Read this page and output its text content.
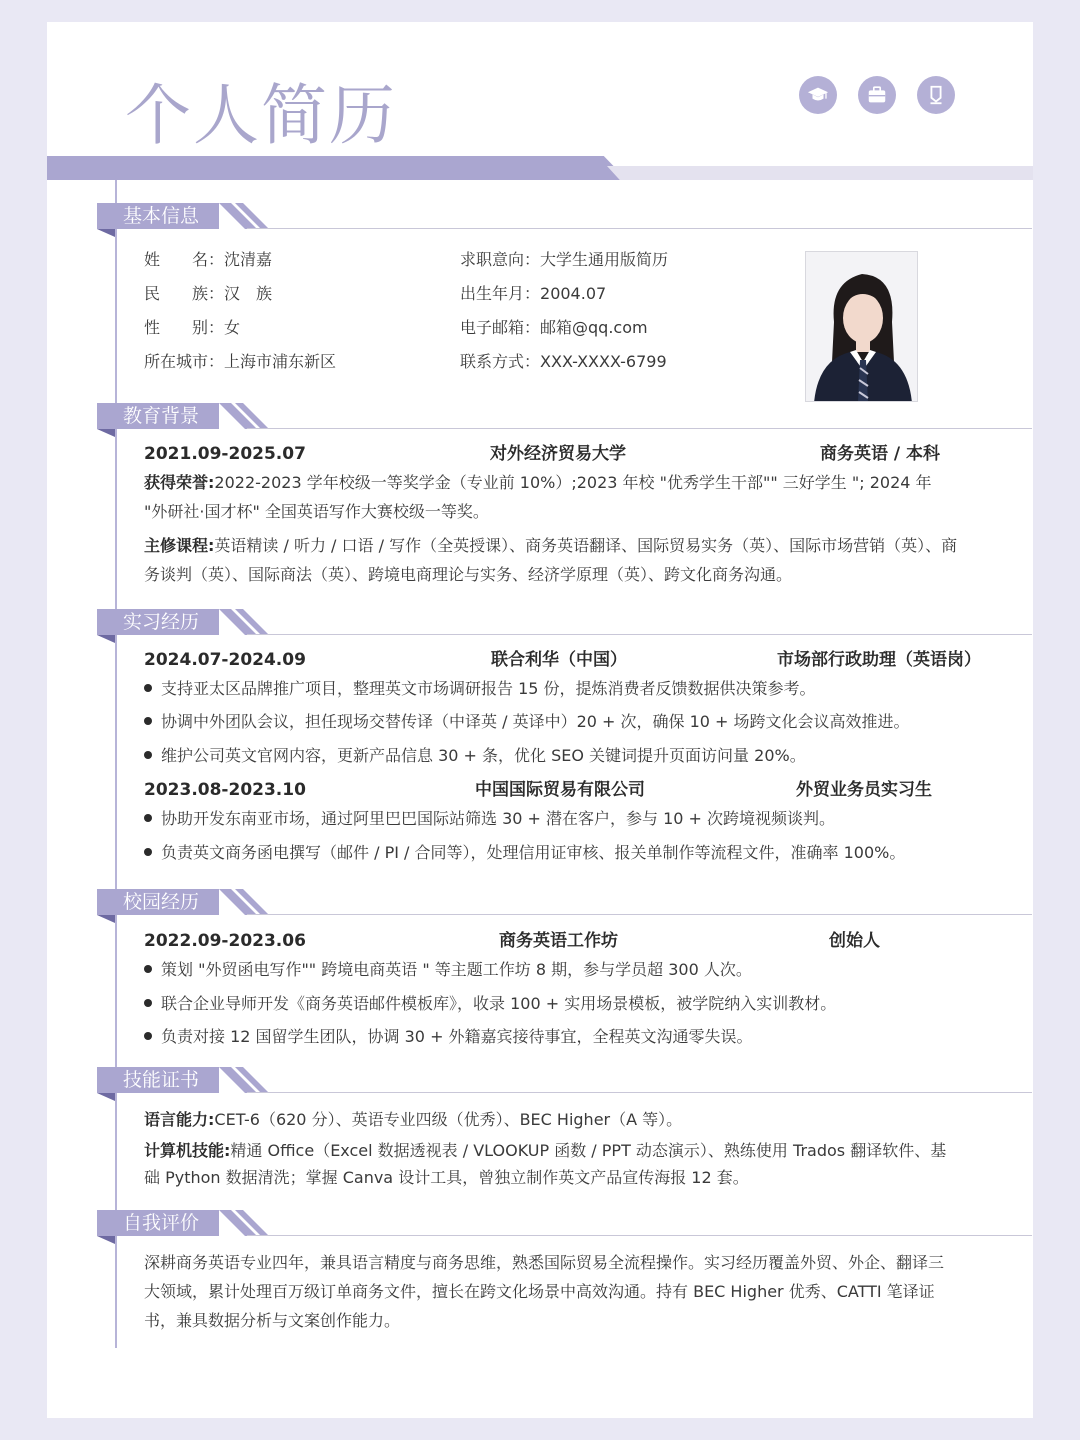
个人简历
基本信息
姓　　名：沈清嘉
民　　族：汉　族
性　　别：女
所在城市：上海市浦东新区
求职意向：大学生通用版简历
出生年月：2004.07
电子邮箱：邮箱@qq.com
联系方式：XXX-XXXX-6799
教育背景
2021.09-2025.07	对外经济贸易大学	商务英语 / 本科
获得荣誉:2022-2023 学年校级一等奖学金（专业前 10%）;2023 年校 "优秀学生干部"" 三好学生 "; 2024 年 "外研社·国才杯" 全国英语写作大赛校级一等奖。
主修课程:英语精读 / 听力 / 口语 / 写作（全英授课）、商务英语翻译、国际贸易实务（英）、国际市场营销（英）、商务谈判（英）、国际商法（英）、跨境电商理论与实务、经济学原理（英）、跨文化商务沟通。
实习经历
2024.07-2024.09	联合利华（中国）	市场部行政助理（英语岗）
支持亚太区品牌推广项目，整理英文市场调研报告 15 份，提炼消费者反馈数据供决策参考。
协调中外团队会议，担任现场交替传译（中译英 / 英译中）20 + 次，确保 10 + 场跨文化会议高效推进。
维护公司英文官网内容，更新产品信息 30 + 条，优化 SEO 关键词提升页面访问量 20%。
2023.08-2023.10	中国国际贸易有限公司	外贸业务员实习生
协助开发东南亚市场，通过阿里巴巴国际站筛选 30 + 潜在客户，参与 10 + 次跨境视频谈判。
负责英文商务函电撰写（邮件 / PI / 合同等），处理信用证审核、报关单制作等流程文件，准确率 100%。
校园经历
2022.09-2023.06	商务英语工作坊	创始人
策划 "外贸函电写作"" 跨境电商英语 " 等主题工作坊 8 期，参与学员超 300 人次。
联合企业导师开发《商务英语邮件模板库》，收录 100 + 实用场景模板，被学院纳入实训教材。
负责对接 12 国留学生团队，协调 30 + 外籍嘉宾接待事宜，全程英文沟通零失误。
技能证书
语言能力:CET-6（620 分）、英语专业四级（优秀）、BEC Higher（A 等）。
计算机技能:精通 Office（Excel 数据透视表 / VLOOKUP 函数 / PPT 动态演示）、熟练使用 Trados 翻译软件、基础 Python 数据清洗；掌握 Canva 设计工具，曾独立制作英文产品宣传海报 12 套。
自我评价
深耕商务英语专业四年，兼具语言精度与商务思维，熟悉国际贸易全流程操作。实习经历覆盖外贸、外企、翻译三大领域，累计处理百万级订单商务文件，擅长在跨文化场景中高效沟通。持有 BEC Higher 优秀、CATTI 笔译证书，兼具数据分析与文案创作能力。
